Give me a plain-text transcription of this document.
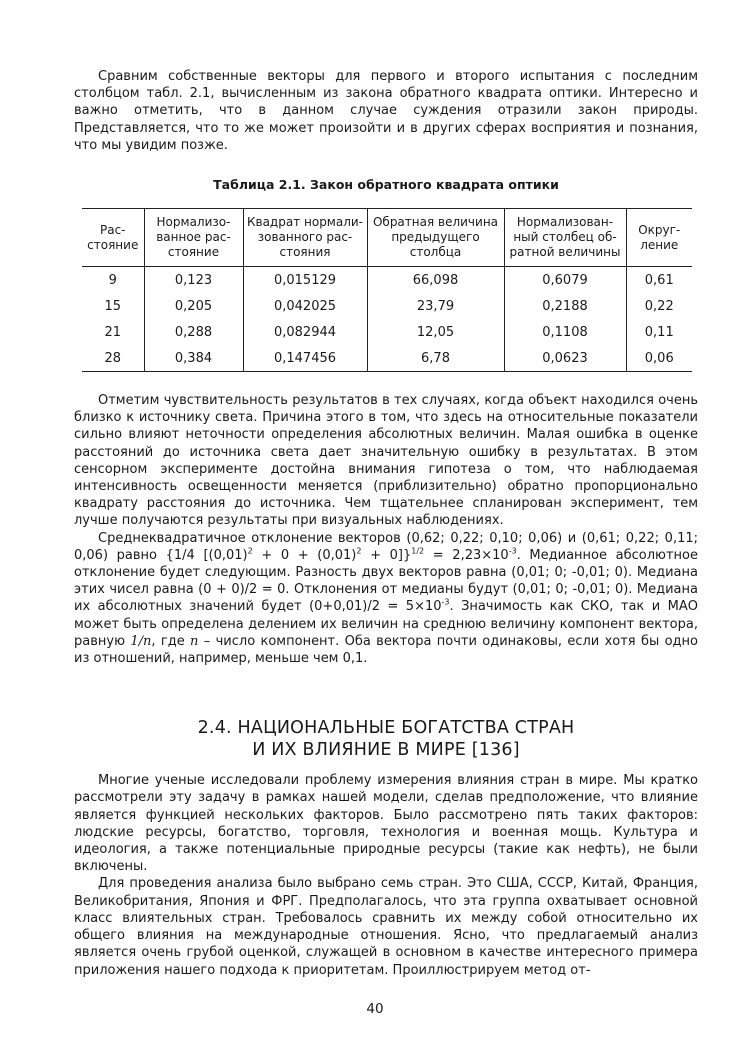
Сравним собственные векторы для первого и второго испытания с последним столбцом табл. 2.1, вычисленным из закона обратного квадрата оптики. Интересно и важно отметить, что в данном случае суждения отразили закон природы. Представляется, что то же может произойти и в других сферах восприятия и познания, что мы увидим позже.

Таблица 2.1. Закон обратного квадрата оптики
Рас-стояние	Нормализо-ванное рас-стояние	Квадрат нормали-зованного рас-стояния	Обратная величина предыдущего столбца	Нормализован-ный столбец об-ратной величины	Округ-ление
9	0,123	0,015129	66,098	0,6079	0,61
15	0,205	0,042025	23,79	0,2188	0,22
21	0,288	0,082944	12,05	0,1108	0,11
28	0,384	0,147456	6,78	0,0623	0,06

Отметим чувствительность результатов в тех случаях, когда объект находился очень близко к источнику света. Причина этого в том, что здесь на относительные показатели сильно влияют неточности определения абсолютных величин. Малая ошибка в оценке расстояний до источника света дает значительную ошибку в результатах. В этом сенсорном эксперименте достойна внимания гипотеза о том, что наблюдаемая интенсивность освещенности меняется (приблизительно) обратно пропорционально квадрату расстояния до источника. Чем тщательнее спланирован эксперимент, тем лучше получаются результаты при визуальных наблюдениях.

Среднеквадратичное отклонение векторов (0,62; 0,22; 0,10; 0,06) и (0,61; 0,22; 0,11; 0,06) равно {1/4 $[(0,01)^2 + 0 + (0,01)^2 + 0]\}^{1/2} = 2,23\times 10^{-3}$. Медианное абсолютное отклонение будет следующим. Разность двух векторов равна (0,01; 0; -0,01; 0). Медиана этих чисел равна (0 + 0)/2 = 0. Отклонения от медианы будут (0,01; 0; -0,01; 0). Медиана их абсолютных значений будет $(0+0,01)/2 = 5\times 10^{-3}$. Значимость как СКО, так и МАО может быть определена делением их величин на среднюю величину компонент вектора, равную 1/n, где n – число компонент. Оба вектора почти одинаковы, если хотя бы одно из отношений, например, меньше чем 0,1.

2.4. НАЦИОНАЛЬНЫЕ БОГАТСТВА СТРАН
И ИХ ВЛИЯНИЕ В МИРЕ [136]

Многие ученые исследовали проблему измерения влияния стран в мире. Мы кратко рассмотрели эту задачу в рамках нашей модели, сделав предположение, что влияние является функцией нескольких факторов. Было рассмотрено пять таких факторов: людские ресурсы, богатство, торговля, технология и военная мощь. Культура и идеология, а также потенциальные природные ресурсы (такие как нефть), не были включены.

Для проведения анализа было выбрано семь стран. Это США, СССР, Китай, Франция, Великобритания, Япония и ФРГ. Предполагалось, что эта группа охватывает основной класс влиятельных стран. Требовалось сравнить их между собой относительно их общего влияния на международные отношения. Ясно, что предлагаемый анализ является очень грубой оценкой, служащей в основном в качестве интересного примера приложения нашего подхода к приоритетам. Проиллюстрируем метод от-

40
